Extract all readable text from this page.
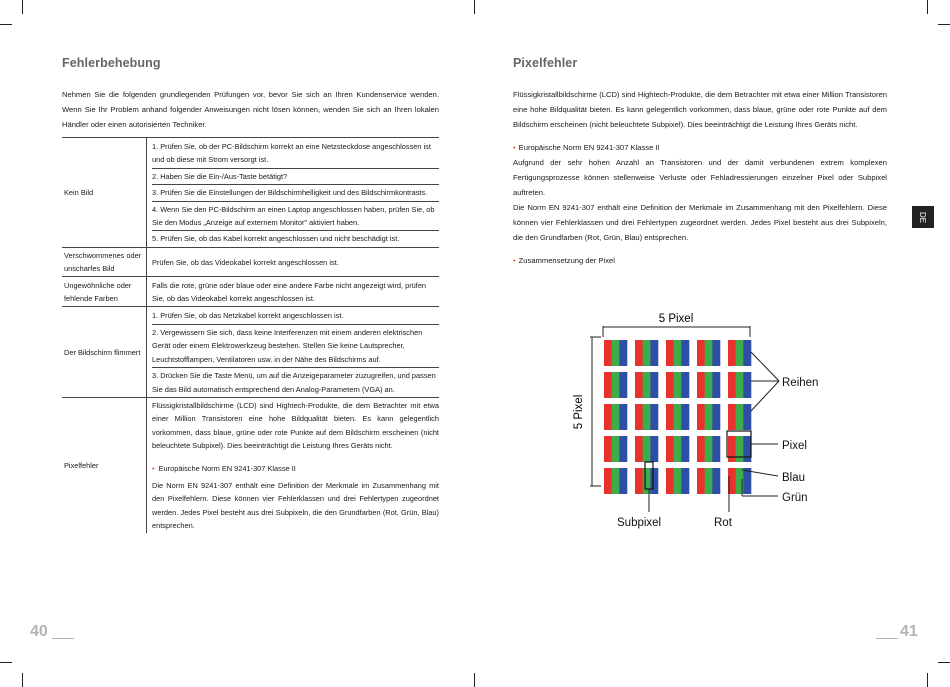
Fehlerbehebung

Nehmen Sie die folgenden grundlegenden Prüfungen vor, bevor Sie sich an Ihren Kundenservice wenden. Wenn Sie Ihr Problem anhand folgender Anweisungen nicht lösen können, wenden Sie sich an Ihren lokalen Händler oder einen autorisierten Techniker.

Kein Bild	1. Prüfen Sie, ob der PC-Bildschirm korrekt an eine Netzsteckdose angeschlossen ist und ob diese mit Strom versorgt ist.
2. Haben Sie die Ein-/Aus-Taste betätigt?
3. Prüfen Sie die Einstellungen der Bildschirmhelligkeit und des Bildschirmkontrasts.
4. Wenn Sie den PC-Bildschirm an einen Laptop angeschlossen haben, prüfen Sie, ob Sie den Modus „Anzeige auf externem Monitor" aktiviert haben.
5. Prüfen Sie, ob das Kabel korrekt angeschlossen und nicht beschädigt ist.

Verschwommenes oder unscharfes Bild	Prüfen Sie, ob das Videokabel korrekt angeschlossen ist.

Ungewöhnliche oder fehlende Farben	Falls die rote, grüne oder blaue oder eine andere Farbe nicht angezeigt wird, prüfen Sie, ob das Videokabel korrekt angeschlossen ist.

Der Bildschirm flimmert	1. Prüfen Sie, ob das Netzkabel korrekt angeschlossen ist.
2. Vergewissern Sie sich, dass keine Interferenzen mit einem anderen elektrischen Gerät oder einem Elektrowerkzeug bestehen. Stellen Sie keine Lautsprecher, Leuchtstofflampen, Ventilatoren usw. in der Nähe des Bildschirms auf.
3. Drücken Sie die Taste Menü, um auf die Anzeigeparameter zuzugreifen, und passen Sie das Bild automatisch entsprechend den Analog-Parametern (VGA) an.

Pixelfehler	Flüssigkristallbildschirme (LCD) sind Hightech-Produkte, die dem Betrachter mit etwa einer Million Transistoren eine hohe Bildqualität bieten. Es kann gelegentlich vorkommen, dass blaue, grüne oder rote Punkte auf dem Bildschirm erscheinen (nicht beleuchtete Subpixel). Dies beeinträchtigt die Leistung Ihres Geräts nicht.
• Europäische Norm EN 9241-307 Klasse II
Die Norm EN 9241-307 enthält eine Definition der Merkmale im Zusammenhang mit den Pixelfehlern. Diese können vier Fehlerklassen und drei Fehlertypen zugeordnet werden. Jedes Pixel besteht aus drei Subpixeln, die den Grundfarben (Rot, Grün, Blau) entsprechen.
40
Pixelfehler

Flüssigkristallbildschirme (LCD) sind Hightech-Produkte, die dem Betrachter mit etwa einer Million Transistoren eine hohe Bildqualität bieten. Es kann gelegentlich vorkommen, dass blaue, grüne oder rote Punkte auf dem Bildschirm erscheinen (nicht beleuchtete Subpixel). Dies beeinträchtigt die Leistung Ihres Geräts nicht.

• Europäische Norm EN 9241-307 Klasse II

Aufgrund der sehr hohen Anzahl an Transistoren und der damit verbundenen extrem komplexen Fertigungsprozesse können stellenweise Verluste oder Fehladressierungen einzelner Pixel oder Subpixel auftreten.

Die Norm EN 9241-307 enthält eine Definition der Merkmale im Zusammenhang mit den Pixelfehlern. Diese können vier Fehlerklassen und drei Fehlertypen zugeordnet werden. Jedes Pixel besteht aus drei Subpixeln, die den Grundfarben (Rot, Grün, Blau) entsprechen.

• Zusammensetzung der Pixel

DE
41
5 Pixel
5 Pixel
Reihen
Pixel
Blau
Grün
Subpixel	Rot
